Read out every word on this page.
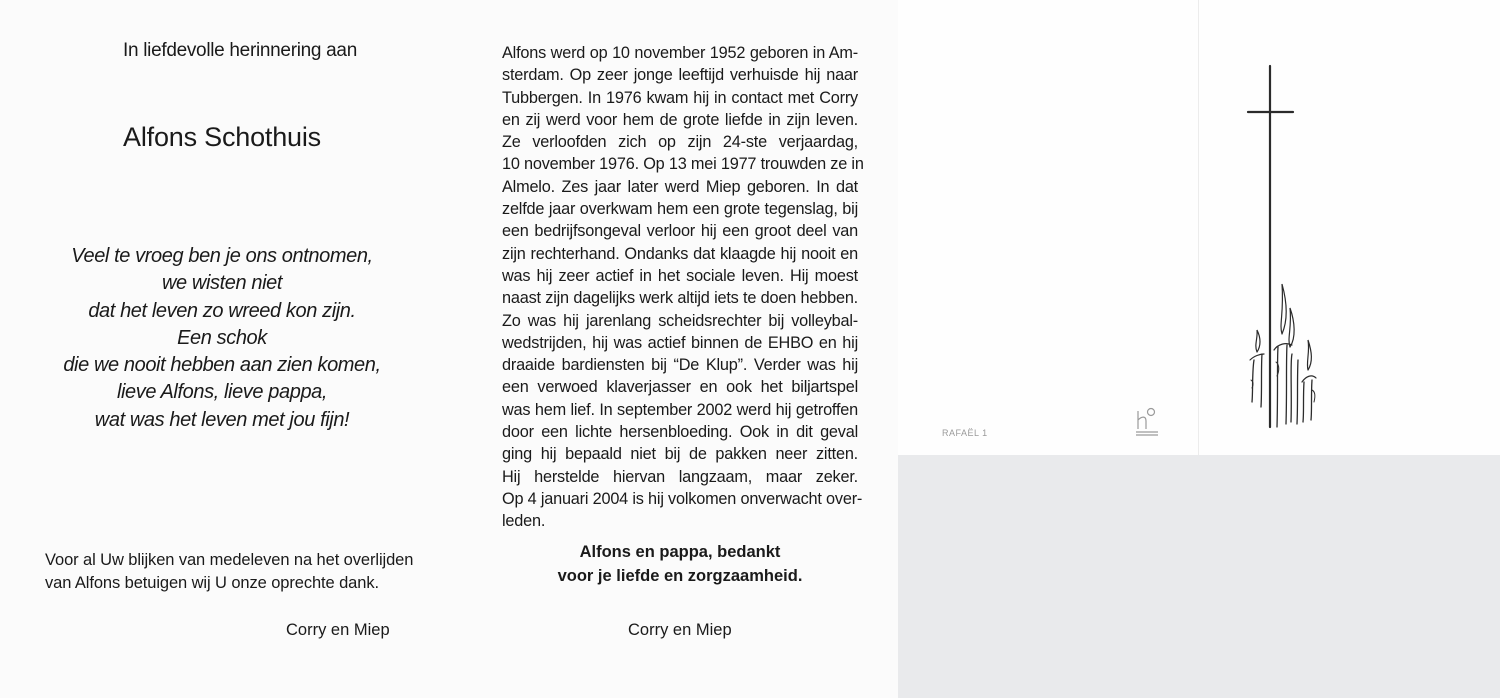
In liefdevolle herinnering aan
Alfons Schothuis
Veel te vroeg ben je ons ontnomen,
we wisten niet
dat het leven zo wreed kon zijn.
Een schok
die we nooit hebben aan zien komen,
lieve Alfons, lieve pappa,
wat was het leven met jou fijn!
Voor al Uw blijken van medeleven na het overlijden
van Alfons betuigen wij U onze oprechte dank.
Corry en Miep
Alfons werd op 10 november 1952 geboren in Am-
sterdam. Op zeer jonge leeftijd verhuisde hij naar
Tubbergen. In 1976 kwam hij in contact met Corry
en zij werd voor hem de grote liefde in zijn leven.
Ze verloofden zich op zijn 24-ste verjaardag,
10 november 1976. Op 13 mei 1977 trouwden ze in
Almelo. Zes jaar later werd Miep geboren. In dat
zelfde jaar overkwam hem een grote tegenslag, bij
een bedrijfsongeval verloor hij een groot deel van
zijn rechterhand. Ondanks dat klaagde hij nooit en
was hij zeer actief in het sociale leven. Hij moest
naast zijn dagelijks werk altijd iets te doen hebben.
Zo was hij jarenlang scheidsrechter bij volleybal-
wedstrijden, hij was actief binnen de EHBO en hij
draaide bardiensten bij “De Klup”. Verder was hij
een verwoed klaverjasser en ook het biljartspel
was hem lief. In september 2002 werd hij getroffen
door een lichte hersenbloeding. Ook in dit geval
ging hij bepaald niet bij de pakken neer zitten.
Hij herstelde hiervan langzaam, maar zeker.
Op 4 januari 2004 is hij volkomen onverwacht over-
leden.
Alfons en pappa, bedankt
voor je liefde en zorgzaamheid.
Corry en Miep
RAFAËL 1
